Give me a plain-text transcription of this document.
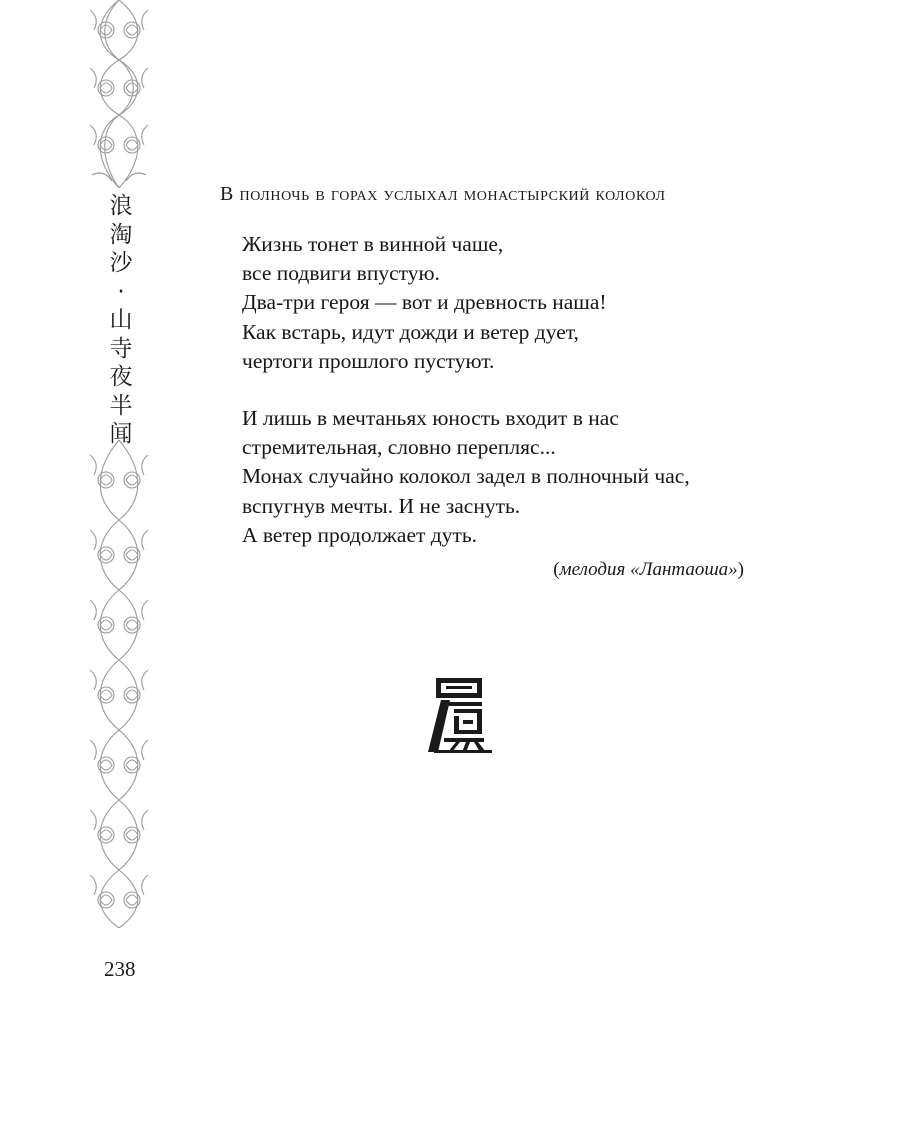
浪
淘
沙
·
山
寺
夜
半
闻
238
В полночь в горах услыхал монастырский колокол
Жизнь тонет в винной чаше,
все подвиги впустую.
Два-три героя — вот и древность наша!
Как встарь, идут дожди и ветер дует,
чертоги прошлого пустуют.
И лишь в мечтаньях юность входит в нас
стремительная, словно перепляс...
Монах случайно колокол задел в полночный час,
вспугнув мечты. И не заснуть.
А ветер продолжает дуть.
(мелодия «Лантаоша»)
